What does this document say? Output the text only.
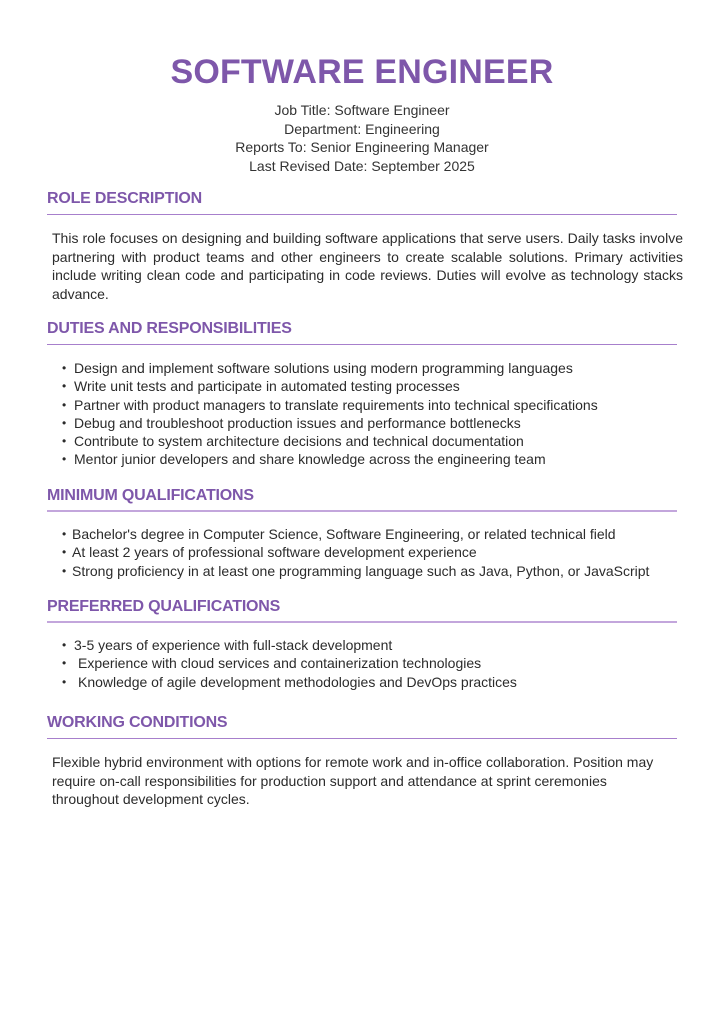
SOFTWARE ENGINEER
Job Title: Software Engineer
Department: Engineering
Reports To: Senior Engineering Manager
Last Revised Date: September 2025
ROLE DESCRIPTION
This role focuses on designing and building software applications that serve users. Daily tasks involve partnering with product teams and other engineers to create scalable solutions. Primary activities include writing clean code and participating in code reviews. Duties will evolve as technology stacks advance.
DUTIES AND RESPONSIBILITIES
• Design and implement software solutions using modern programming languages
• Write unit tests and participate in automated testing processes
• Partner with product managers to translate requirements into technical specifications
• Debug and troubleshoot production issues and performance bottlenecks
• Contribute to system architecture decisions and technical documentation
• Mentor junior developers and share knowledge across the engineering team
MINIMUM QUALIFICATIONS
• Bachelor's degree in Computer Science, Software Engineering, or related technical field
• At least 2 years of professional software development experience
• Strong proficiency in at least one programming language such as Java, Python, or JavaScript
PREFERRED QUALIFICATIONS
• 3-5 years of experience with full-stack development
• Experience with cloud services and containerization technologies
• Knowledge of agile development methodologies and DevOps practices
WORKING CONDITIONS
Flexible hybrid environment with options for remote work and in-office collaboration. Position may require on-call responsibilities for production support and attendance at sprint ceremonies throughout development cycles.
